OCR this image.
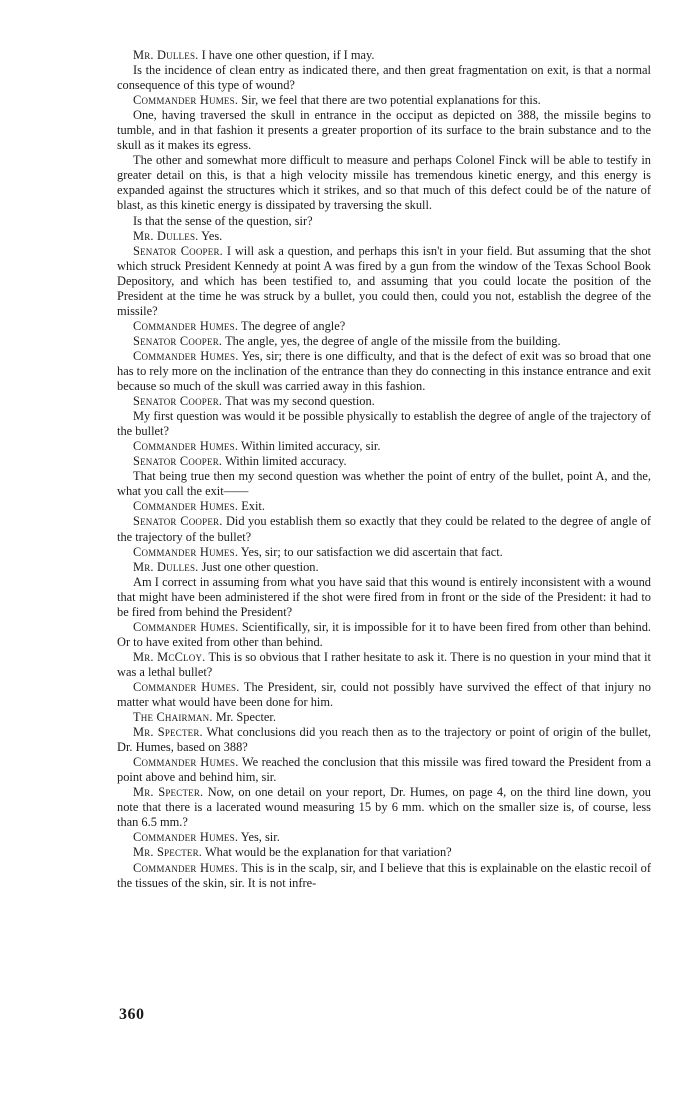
Mr. Dulles. I have one other question, if I may.

Is the incidence of clean entry as indicated there, and then great fragmentation on exit, is that a normal consequence of this type of wound?

Commander Humes. Sir, we feel that there are two potential explanations for this.

One, having traversed the skull in entrance in the occiput as depicted on 388, the missile begins to tumble, and in that fashion it presents a greater proportion of its surface to the brain substance and to the skull as it makes its egress.

The other and somewhat more difficult to measure and perhaps Colonel Finck will be able to testify in greater detail on this, is that a high velocity missile has tremendous kinetic energy, and this energy is expanded against the structures which it strikes, and so that much of this defect could be of the nature of blast, as this kinetic energy is dissipated by traversing the skull.

Is that the sense of the question, sir?

Mr. Dulles. Yes.

Senator Cooper. I will ask a question, and perhaps this isn't in your field. But assuming that the shot which struck President Kennedy at point A was fired by a gun from the window of the Texas School Book Depository, and which has been testified to, and assuming that you could locate the position of the President at the time he was struck by a bullet, you could then, could you not, establish the degree of the missile?

Commander Humes. The degree of angle?

Senator Cooper. The angle, yes, the degree of angle of the missile from the building.

Commander Humes. Yes, sir; there is one difficulty, and that is the defect of exit was so broad that one has to rely more on the inclination of the entrance than they do connecting in this instance entrance and exit because so much of the skull was carried away in this fashion.

Senator Cooper. That was my second question.

My first question was would it be possible physically to establish the degree of angle of the trajectory of the bullet?

Commander Humes. Within limited accuracy, sir.

Senator Cooper. Within limited accuracy.

That being true then my second question was whether the point of entry of the bullet, point A, and the, what you call the exit——

Commander Humes. Exit.

Senator Cooper. Did you establish them so exactly that they could be related to the degree of angle of the trajectory of the bullet?

Commander Humes. Yes, sir; to our satisfaction we did ascertain that fact.

Mr. Dulles. Just one other question.

Am I correct in assuming from what you have said that this wound is entirely inconsistent with a wound that might have been administered if the shot were fired from in front or the side of the President: it had to be fired from behind the President?

Commander Humes. Scientifically, sir, it is impossible for it to have been fired from other than behind. Or to have exited from other than behind.

Mr. McCloy. This is so obvious that I rather hesitate to ask it. There is no question in your mind that it was a lethal bullet?

Commander Humes. The President, sir, could not possibly have survived the effect of that injury no matter what would have been done for him.

The Chairman. Mr. Specter.

Mr. Specter. What conclusions did you reach then as to the trajectory or point of origin of the bullet, Dr. Humes, based on 388?

Commander Humes. We reached the conclusion that this missile was fired toward the President from a point above and behind him, sir.

Mr. Specter. Now, on one detail on your report, Dr. Humes, on page 4, on the third line down, you note that there is a lacerated wound measuring 15 by 6 mm. which on the smaller size is, of course, less than 6.5 mm.?

Commander Humes. Yes, sir.

Mr. Specter. What would be the explanation for that variation?

Commander Humes. This is in the scalp, sir, and I believe that this is explainable on the elastic recoil of the tissues of the skin, sir. It is not infre-

360
